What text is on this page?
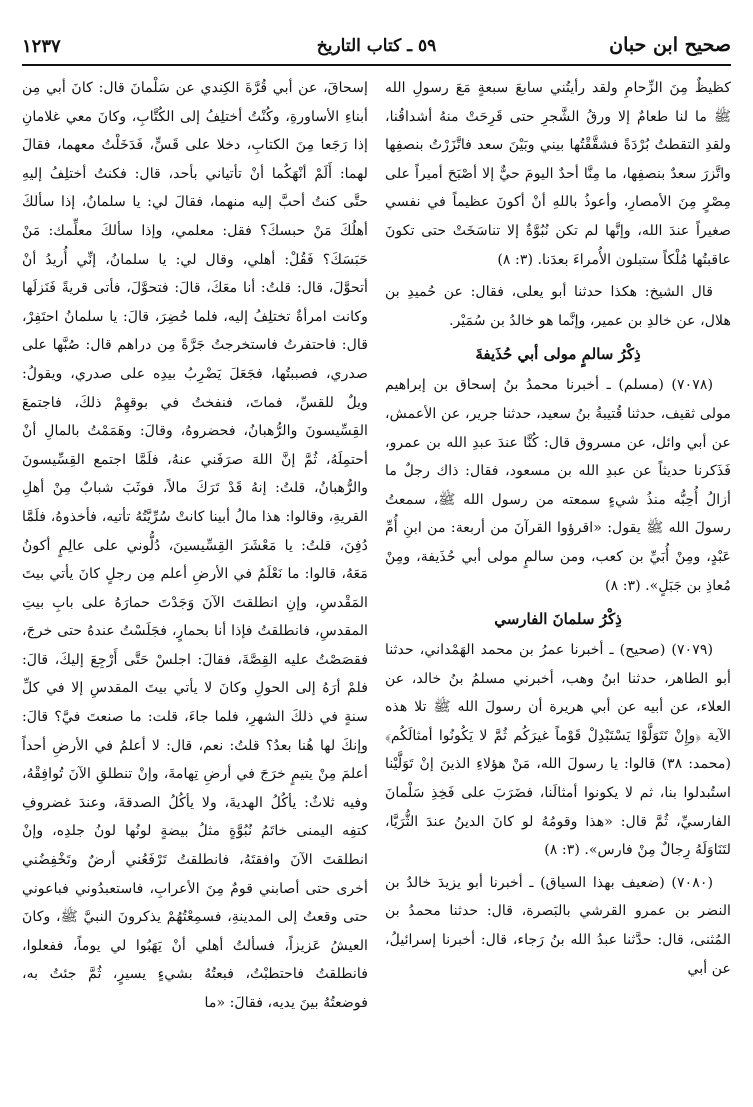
صحيح ابن حبان
٥٩ ـ كتاب التاريخ
١٢٣٧

كظيظٌ مِنَ الزِّحامِ ولقد رأيتُني سابعَ سبعةٍ مَعَ رسولِ الله ﷺ ما لنا طعامٌ إلا ورقُ الشَّجرِ حتى قَرِحَتْ منهُ أشداقُنا، ولقدِ التقطتُ بُرْدَةً فشقَّقْتُها بيني وبَيْنَ سعد فاتَّزَرْتُ بنصفِها واتَّزرَ سعدٌ بنصفِها، ما مِنَّا أحدٌ اليومَ حيٌّ إلا أصْبَحَ أميراً على مِصْرٍ مِنَ الأمصارِ، وأعوذُ باللهِ أنْ أكونَ عظيماً في نفسي صغيراً عندَ الله، وإنَّها لم تكن نُبُوَّةٌ إلا تناسَخَتْ حتى تكونَ عاقبتُها مُلْكاً ستبلون الأُمراءَ بعدَنا. (٣: ٨)

قال الشيخ: هكذا حدثنا أبو يعلى، فقال: عن حُميدِ بن هلال، عن خالدِ بن عمير، وإنَّما هو خالدُ بن سُمَيْر.

ذِكْرُ سالمٍ مولى أبي حُذَيفةَ

(٧٠٧٨) (مسلم) ـ أخبرنا محمدُ بنُ إسحاق بن إبراهيم مولى ثقيف، حدثنا قُتيبةُ بنُ سعيد، حدثنا جرير، عن الأعمش، عن أبي وائل، عن مسروق قال: كُنَّا عندَ عبدِ الله بن عمرو، فَذَكرنا حديثاً عن عبدِ الله بن مسعود، فقال: ذاك رجلٌ ما أزالُ أُحِبُّه منذُ شيءٍ سمعته من رسول الله ﷺ، سمعتُ رسولَ الله ﷺ يقول: «اقرؤوا القرآنَ من أربعة: من ابنِ أُمِّ عَبْدٍ، ومِنْ أُبَيِّ بن كعب، ومن سالمٍ مولى أبي حُذَيفة، ومِنْ مُعاذِ بن جَبَلٍ». (٣: ٨)

ذِكْرُ سلمانَ الفارسي

(٧٠٧٩) (صحيح) ـ أخبرنا عمرُ بن محمد الهَمْداني، حدثنا أبو الطاهر، حدثنا ابنُ وهب، أخبرني مسلمُ بنُ خالد، عن العلاء، عن أبيه عن أبي هريرة أن رسولَ الله ﷺ تلا هذه الآية ﴿وإِنْ تَتَوَلَّوْا يَسْتَبْدِلْ قَوْماً غيرَكُم ثُمَّ لا يَكُونُوا أمثالَكُم﴾ (محمد: ٣٨) قالوا: يا رسولَ الله، مَنْ هؤلاءِ الذينَ إنْ تَوَلَّيْنا استُبدلوا بنا، ثم لا يكونوا أمثالَنا، فضَرَبَ على فَخِذِ سَلْمانَ الفارسيِّ، ثُمَّ قال: «هذا وقومُهُ لو كانَ الدينُ عندَ الثُّرَيَّا، لتَنَاوَلَهُ رِجالٌ مِنْ فارس». (٣: ٨)

(٧٠٨٠) (ضعيف بهذا السياق) ـ أخبرنا أبو يزيدَ خالدُ بن النضر بن عمرو القرشي بالبَصرة، قال: حدثنا محمدُ بن المُثنى، قال: حدَّثنا عبدُ الله بنُ رَجاء، قال: أخبرنا إسرائيلُ، عن أبي

إسحاقَ، عن أبي قُرَّةَ الكِندي عن سَلْمانَ قال: كانَ أبي مِن أبناءِ الأساورةِ، وكُنْتُ أختلِفُ إلى الكُتَّابِ، وكانَ معي غلامانِ إذا رَجَعا مِنَ الكتابِ، دخلا على قَسٍّ، فَدَخَلْتُ معهما، فقالَ لهما: أَلَمْ أنْهَكُما أنْ تأتياني بأحد، قال: فكنتُ أختلِفُ إليهِ حتَّى كنتُ أحبَّ إليه منهما، فقالَ لي: يا سلمانُ، إذا سألكَ أهلُكَ مَنْ حبسكَ؟ فقل: معلمي، وإذا سألكَ معلِّمك: مَنْ حَبَسَكَ؟ فَقُلْ: أهلي، وقال لي: يا سلمانُ، إنِّي أُريدُ أنْ أتحوَّلَ، قال: قلتُ: أنا معَكَ، قالَ: فتحوَّلَ، فأتى قريةً فَنَزلَها وكانت امرأةٌ تختلِفُ إليه، فلما حُضِرَ، قالَ: يا سلمانُ احتَفِرْ، قال: فاحتفرتُ فاستخرجتُ جَرَّةً مِن دراهم قال: صُبَّها على صدري، فصببتُها، فجَعَلَ يَضْرِبُ بيدِه على صدري، ويقولُ: ويلٌ للقسِّ، فماتَ، فنفختُ في بوقهِمْ ذلكَ، فاجتمعَ القِسِّيسونَ والرُّهبانُ، فحضروهُ، وقالَ: وهَمَمْتُ بالمالِ أنْ أحتمِلَهُ، ثُمَّ إنَّ اللهَ صرَفَني عنهُ، فلَمَّا اجتمع القِسِّيسونَ والرُّهبانُ، قلتُ: إنهُ قَدْ تَرَكَ مالاً، فوثَبَ شبابٌ مِنْ أهلِ القريةِ، وقالوا: هذا مالُ أبينا كانتْ سُرِّيَّتُهُ تأتيه، فأخذوهُ، فلَمَّا دُفِنَ، قلتُ: يا مَعْشَرَ القِسِّيسينَ، دُلُّوني على عالِمٍ أكونُ مَعَهُ، قالوا: ما نَعْلَمُ في الأرضِ أعلم مِن رجلٍ كانَ يأتي بيتَ المَقْدسِ، وإنِ انطلقتَ الآنَ وَجَدْتَ حمارَهُ على بابِ بيتِ المقدسِ، فانطلقتُ فإذا أنا بحمارٍ، فجَلَسْتُ عندهُ حتى خرجَ، فقصَصْتُ عليه القِصَّةَ، فقالَ: اجلسْ حَتَّى أَرْجِعَ إليكَ، قالَ: فلمْ أرَهُ إلى الحولِ وكانَ لا يأتي بيتَ المقدسِ إلا في كلِّ سنةٍ في ذلكَ الشهرِ، فلما جاءَ، قلت: ما صنعتَ فيَّ؟ قالَ: وإنكَ لها هُنا بعدُ؟ قلتُ: نعم، قال: لا أعلمُ في الأرضِ أحداً أعلمَ مِنْ يتيمٍ خرَجَ في أرضِ تِهامةَ، وإنْ تنطلقِ الآنَ تُوافِقْهُ، وفيه ثلاثٌ: يأكُلُ الهديةَ، ولا يأكُلُ الصدقةَ، وعندَ غضروفِ كتفِه اليمنى خاتَمُ نُبُوَّةٍ مثلُ بيضةٍ لونُها لونُ جلدِه، وإنْ انطلقتَ الآنَ وافقتَهُ، فانطلقتُ تَرْفَعُني أرضٌ وتَخْفِضُني أخرى حتى أصابني قومٌ مِنَ الأعرابِ، فاستعبدُوني فباعوني حتى وقعتُ إلى المدينةِ، فسمِعْتُهُمْ يذكرونَ النبيَّ ﷺ، وكانَ العيشُ عَزيزاً، فسألتُ أهلي أنْ يَهَبُوا لي يوماً، ففعلوا، فانطلقتُ فاحتطبْتُ، فبعتُهُ بشيءٍ يسيرٍ، ثُمَّ جئتُ به، فوضعتُهُ بينَ يديه، فقالَ: «ما
